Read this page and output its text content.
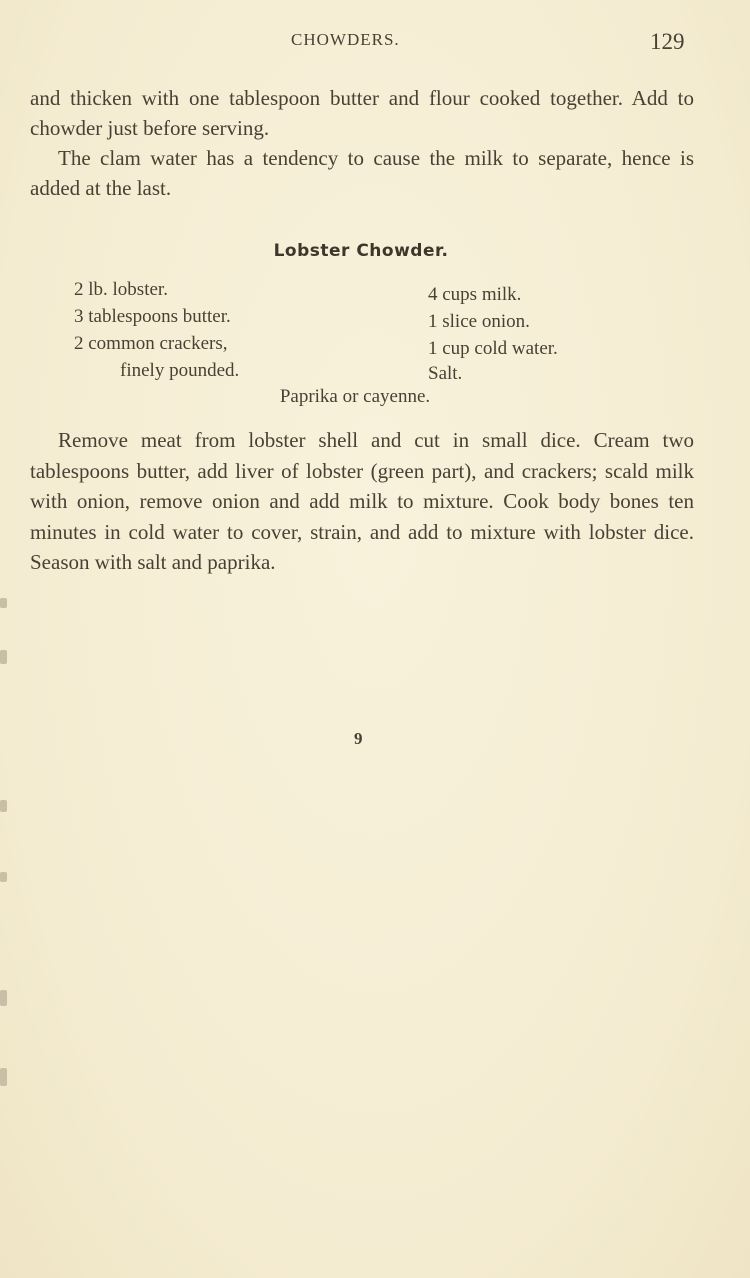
CHOWDERS.	129

and thicken with one tablespoon butter and flour cooked together. Add to chowder just before serving.

The clam water has a tendency to cause the milk to separate, hence is added at the last.

Lobster Chowder.
2 lb. lobster.
3 tablespoons butter.
2 common crackers,
finely pounded.
4 cups milk.
1 slice onion.
1 cup cold water.
Salt.
Paprika or cayenne.

Remove meat from lobster shell and cut in small dice. Cream two tablespoons butter, add liver of lobster (green part), and crackers; scald milk with onion, remove onion and add milk to mixture. Cook body bones ten minutes in cold water to cover, strain, and add to mixture with lobster dice. Season with salt and paprika.

9
